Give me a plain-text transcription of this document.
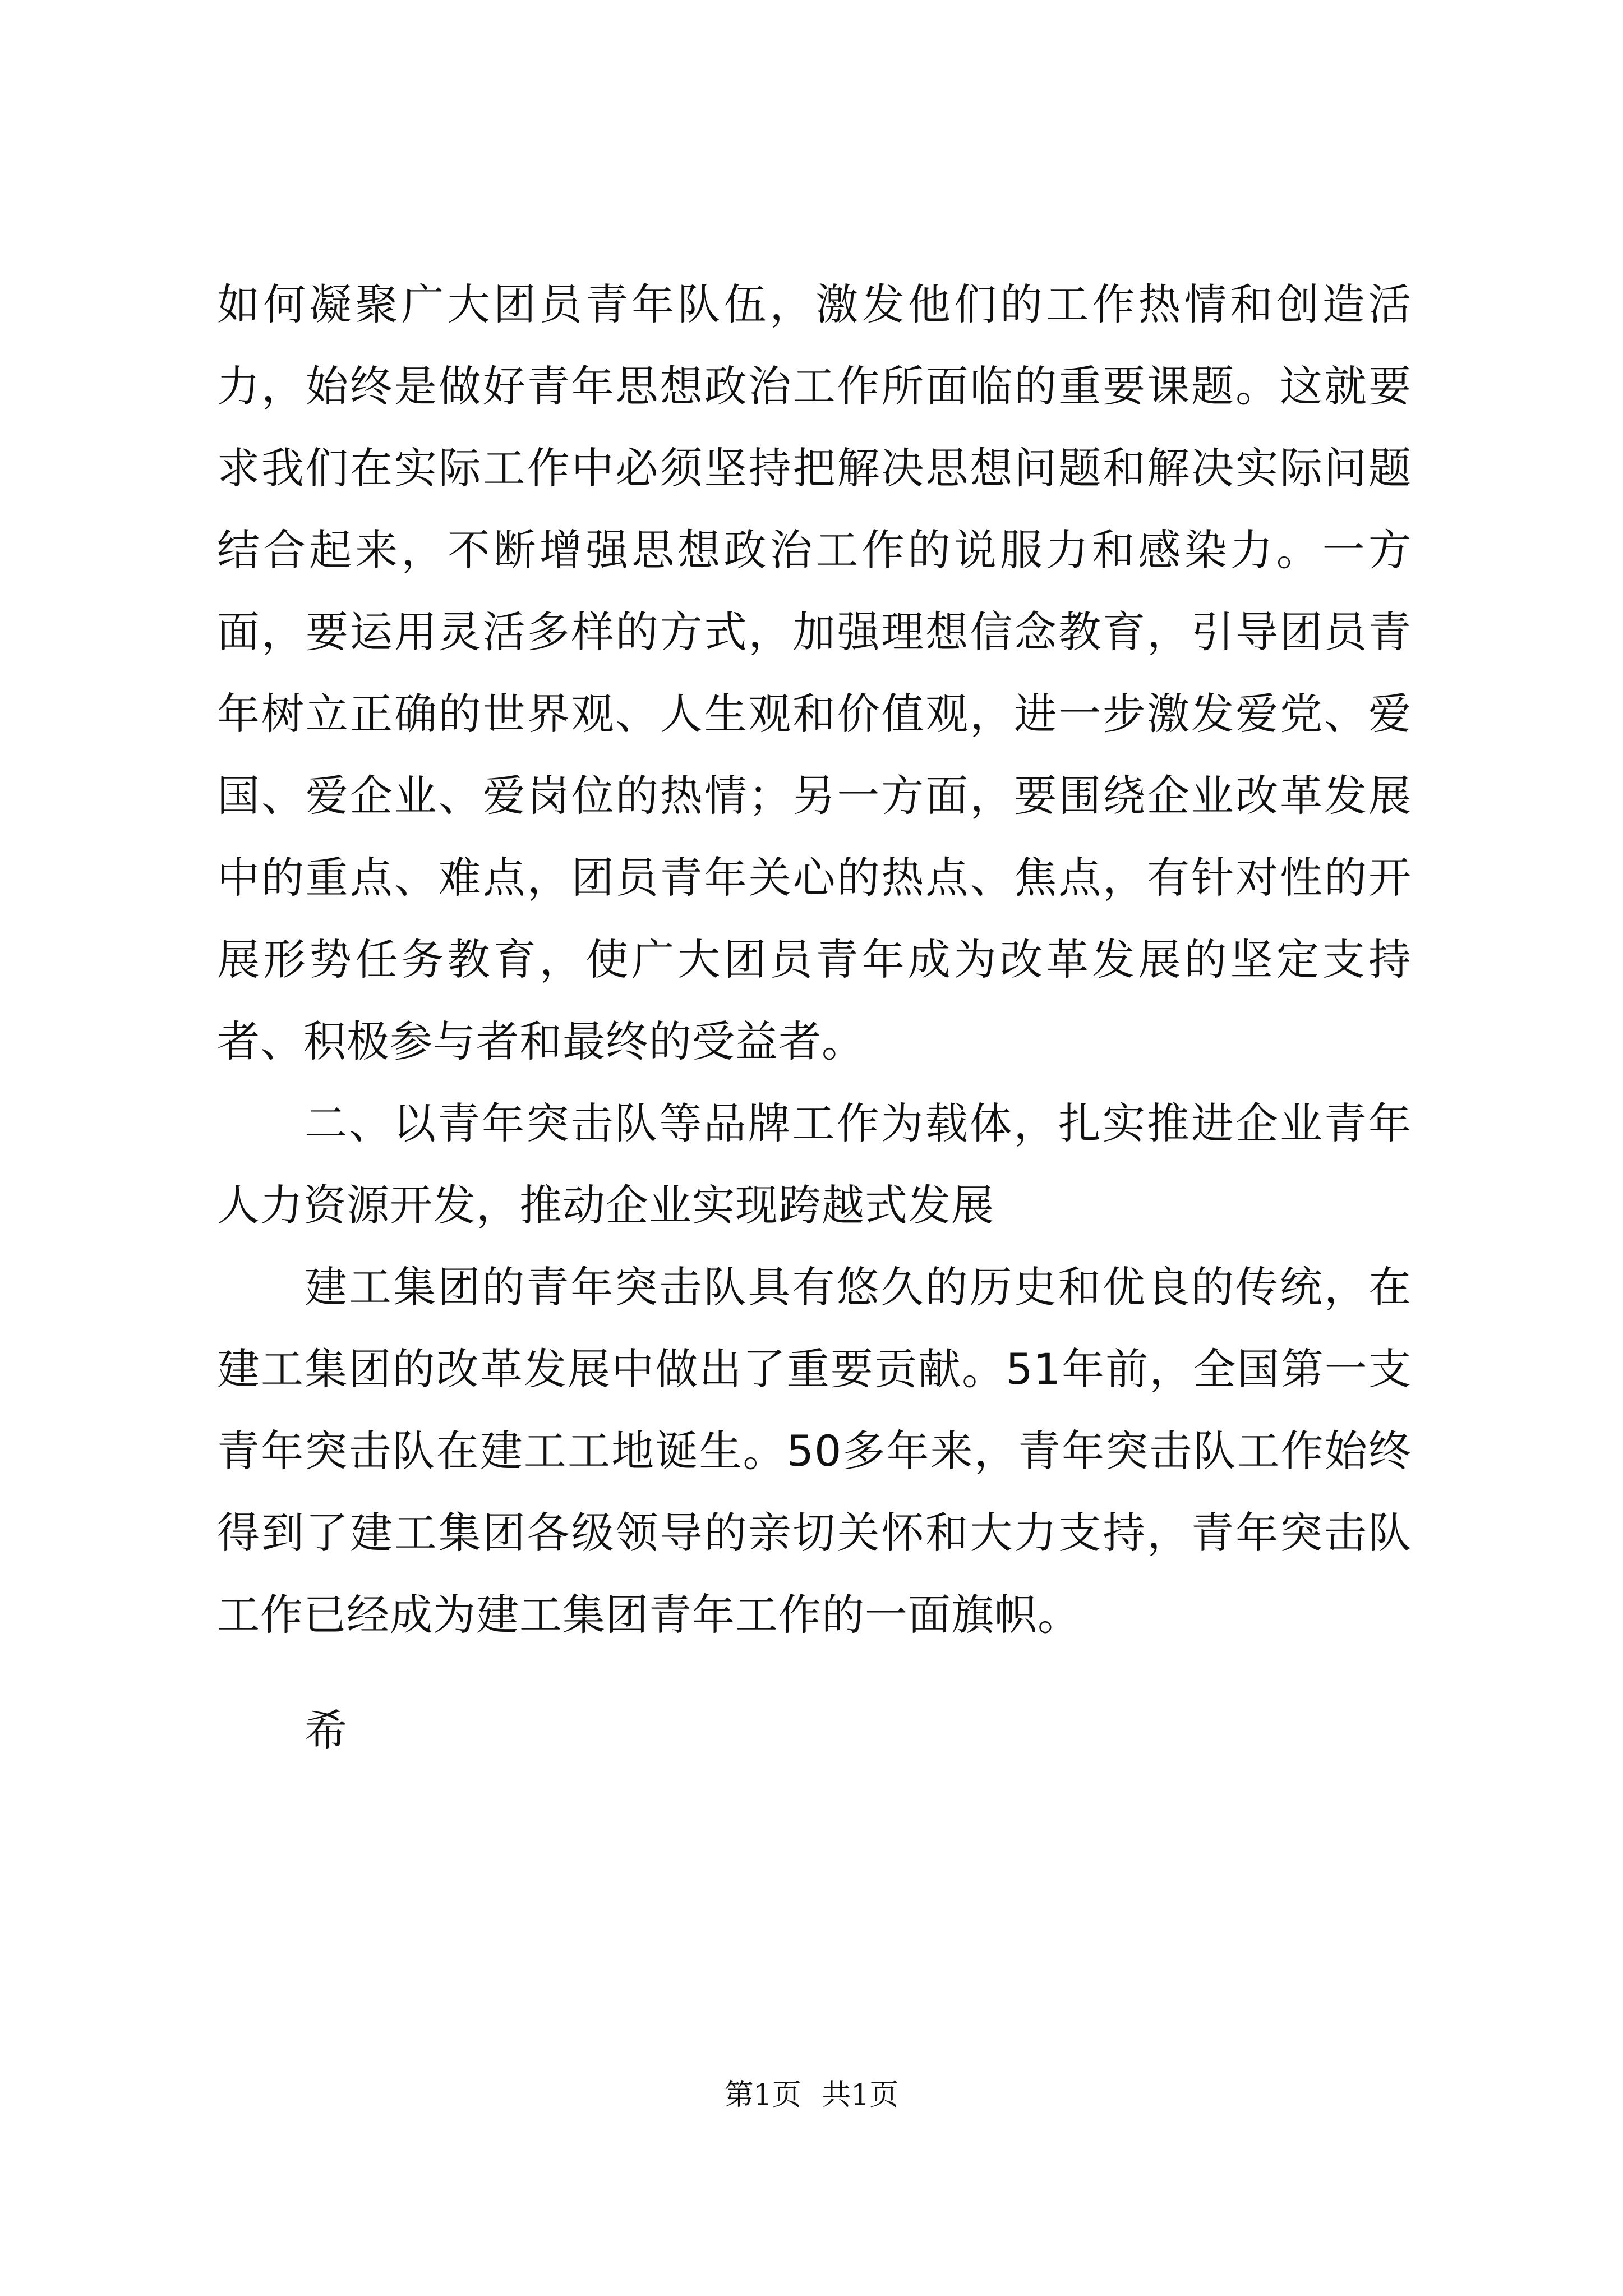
如何凝聚广大团员青年队伍，激发他们的工作热情和创造活力，始终是做好青年思想政治工作所面临的重要课题。这就要求我们在实际工作中必须坚持把解决思想问题和解决实际问题结合起来，不断增强思想政治工作的说服力和感染力。一方面，要运用灵活多样的方式，加强理想信念教育，引导团员青年树立正确的世界观、人生观和价值观，进一步激发爱党、爱国、爱企业、爱岗位的热情；另一方面，要围绕企业改革发展中的重点、难点，团员青年关心的热点、焦点，有针对性的开展形势任务教育，使广大团员青年成为改革发展的坚定支持者、积极参与者和最终的受益者。

二、以青年突击队等品牌工作为载体，扎实推进企业青年人力资源开发，推动企业实现跨越式发展

建工集团的青年突击队具有悠久的历史和优良的传统，在建工集团的改革发展中做出了重要贡献。51年前，全国第一支青年突击队在建工工地诞生。50多年来，青年突击队工作始终得到了建工集团各级领导的亲切关怀和大力支持，青年突击队工作已经成为建工集团青年工作的一面旗帜。

希

第1页 共1页
